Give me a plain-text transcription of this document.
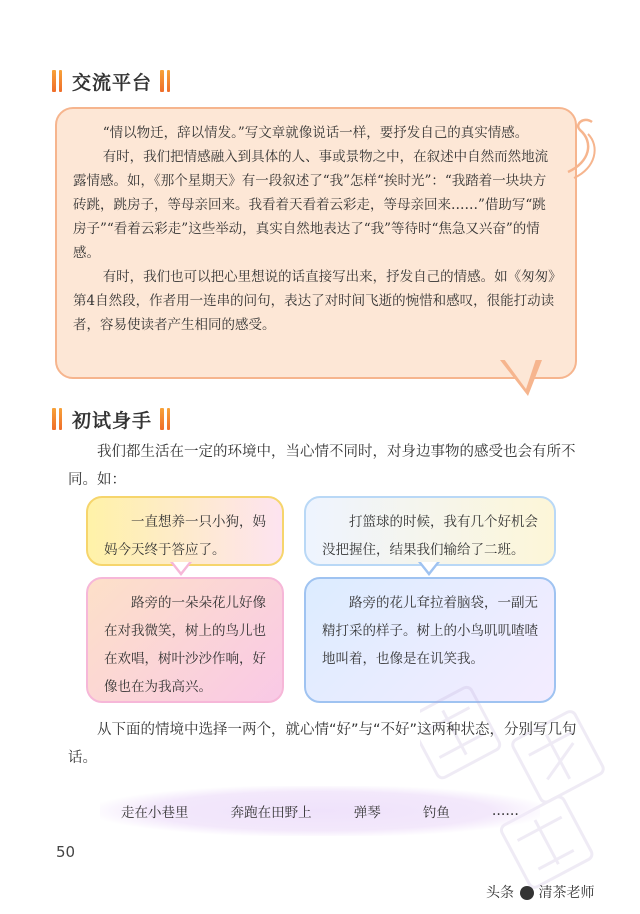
交流平台

“情以物迁，辞以情发。”写文章就像说话一样，要抒发自己的真实情感。

有时，我们把情感融入到具体的人、事或景物之中，在叙述中自然而然地流露情感。如，《那个星期天》有一段叙述了“我”怎样“挨时光”：“我踏着一块块方砖跳，跳房子，等母亲回来。我看着天看着云彩走，等母亲回来……”借助写“跳房子”“看着云彩走”这些举动，真实自然地表达了“我”等待时“焦急又兴奋”的情感。

有时，我们也可以把心里想说的话直接写出来，抒发自己的情感。如《匆匆》第4自然段，作者用一连串的问句，表达了对时间飞逝的惋惜和感叹，很能打动读者，容易使读者产生相同的感受。

初试身手
我们都生活在一定的环境中，当心情不同时，对身边事物的感受也会有所不同。如：
一直想养一只小狗，妈妈今天终于答应了。
路旁的一朵朵花儿好像在对我微笑，树上的鸟儿也在欢唱，树叶沙沙作响，好像也在为我高兴。
打篮球的时候，我有几个好机会没把握住，结果我们输给了二班。
路旁的花儿耷拉着脑袋，一副无精打采的样子。树上的小鸟叽叽喳喳地叫着，也像是在讥笑我。
从下面的情境中选择一两个，就心情“好”与“不好”这两种状态，分别写几句话。
走在小巷里	奔跑在田野上	弹琴	钓鱼	……
50
头条 清茶老师
